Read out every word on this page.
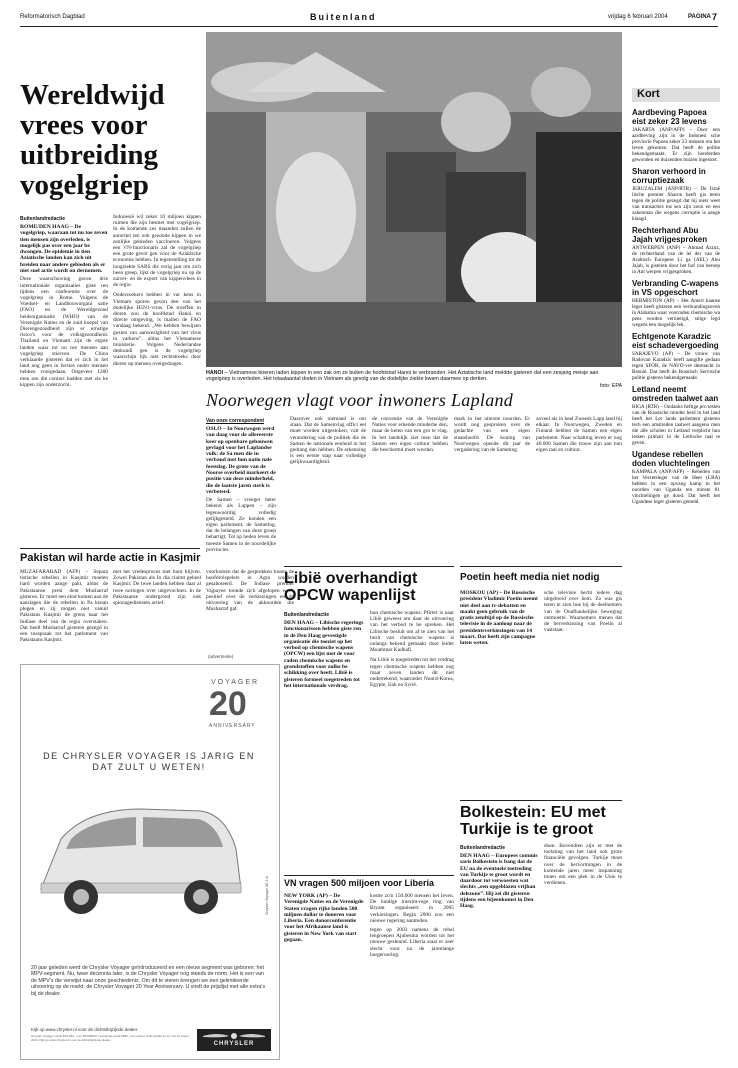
Reformatorisch Dagblad	Buitenland	vrijdag 6 februari 2004	PAGINA 7
Wereldwijd vrees voor uitbreiding vogelgriep
Buitenlandredactie
ROME/DEN HAAG – De vogelgriep, waaraan tot nu toe zeven tien mensen zijn overleden, is mogelijk pas over een jaar be dwongen. De epidemie in tien Aziatische landen kan zich uit breiden naar andere gebieden als er niet snel actie wordt on dernomen.
Deze waarschuwing gaven drie internationale organisaties giste ren tijdens een conferentie over de vogelgriep in Rome. Volgens de Voedsel- en Landbouworgani satie (FAO) en de Wereldgezond heidsorganisatie (WHO) van de Verenigde Naties en de zuid koepel van Dierengezondheid zijn er ernstige risico's voor de volksgezondheid. Thailand en Vietnam zijn de ergste landen waar tot nu toe mensen aan vogelgriep stierven. De China verklaarde gisteren dat er zich in het land nog geen in fecties onder mensen hebben voorgedaan. Ongeveer 1300 men sen die contact hadden met zie ke kippen zijn onderzocht.
Indonesië wil zeker 10 miljoen kippen ruimen die zijn besmet met vogelgriep. In de komende zes maanden zullen de autoritei ten ook gezonde kippen in we zenlijke gebieden vaccineren. Volgens een VN-functionaris zal de vogelgriep een grote gevol gen voor de Aziatische economie hebben. In tegenstelling tot de longziekte SARS die vorig jaar om zich heen greep, lijkt de vogelgriep nu op de zuivel- en de export van kippenvlees in de regio.
Onderzoekers hebben in var kens in Vietnam sporen gevon den van het dodelijke H5N1-virus. De troeffen in dieren zou de hoofdstad Hanoi en directe omgeving, is mailen de FAO vandaag bekend. „We hebben bewijzen gezien van aanwezigheid van het virus in varkens”, aldus het Vietnamese ministerie. Volgens Nederlandse deskundi gen is de vogelgriep waarschijn lijk niet rechtstreeks door dieren op mensen overgedragen.
HANOI – Vietnamese boeren laden kippen in een zak om ze buiten de hoofdstad Hanoi te verbranden. Het Aziatische land meldde gisteren dat een zesjarig meisje aan vogelgriep is overleden. Het totaalaantal doden in Vietnam als gevolg van de dodelijke ziekte kwam daarmee op dertien.
foto: EPA
Pakistan wil harde actie in Kasjmir
MUZAFARABAD (AFP) – Separa tistische rebellen in Kasjmir moeten hard worden aange pakt, aldus de Pakistaanse presi dent Musharraf gisteren. Er moet een eind komen aan de aanslagen die de rebellen in Pa kistan plegen en zij mogen niet vanuit Pakistans Kasjmir de grens naar het Indiase deel van de regio overstaken. Dat heeft Musharraf gisteren gezegd in een toespraak tot het parlement van Pakistaans Kasjmir.
met het vredesproces niet hunt blijven. Zowel Pakistan als In dia claimt geheel Kasjmir. De twee landen hebben daar al twee oorlogen over uitgevochten. In de Pakistaanse ondergrond zijn ook spionagediensten actief.
voorkomen dat de gesprekken tussen de hoofdrolspelers in Agra worden gesaboteerd. De Indiase premier Vajpayee toonde zich afgelopen week positief over de verkiezingen en de uitvoering van de akkoorden die Musharraf gaf.
Noorwegen vlagt voor inwoners Lapland
Van onze correspondent
OSLO – In Noorwegen werd van daag voor de allereerste keer op openbare gebouwen gevlagd voor het Laplandse volk: de Sa men die in verband met hun natio nale feestdag. De grote van de Noorse overheid markeert de positie van deze minderheid, die de laatste jaren sterk is verbeterd.
De Samen – vroeger beter bekend als Lappen – zijn tegenwoordig volledig gelijkgesteld. Ze konden een eigen parlement, de Sameting, dat de belangen van deze groep behartigt. Tot op heden leven de meeste Samen in de noordelijke provincies.
Daarover ook niemand is ont staan. Dat de Samenvlag offici eel moet worden uitgestoken, valt de verandering van de politiek die de Samen de nationale eenheid in het gedrang dan hebben. De erkenning is een eerste stap naar volledige gelijkwaardigheid.
de conventie van de Verenigde Naties voor erkende minderhe den, maar de keten van een gro te vlag. In het landelijk ziet men dat de Samen een eigen cultuur hebben die beschermd moet worden.
mark in het uiterste noorden. Er wordt nog gesproken over de gedachte van een eigen staatshoofd. De koning van Noorwegen opende dit jaar de vergadering van de Sameting.
zoveel als in heel Zweeds Lapp land bij elkaar. In Noorwegen, Zweden en Finland hebben de Samen een eigen parlement. Naar schatting leven er nog 40.000 Samen die trouw zijn aan hun eigen taal en cultuur.
Libië overhandigt OPCW wapenlijst
Buitenlandredactie
DEN HAAG – Libische regerings functionarissen hebben giste ren in de Den Haag gevestigde organisatie die toeziet op het verbod op chemische wapens (OPCW) een lijst met de voor raden chemische wapens en grondstoffen voor zulke be schikking over heeft. Libië is gisteren formeel toegetreden tot het internationale verdrag.
hun chemische wapens. Pfirter is naar Libië geweest om daar de uitvoering van het verbod te be spreken. Het Libische besluit om af te zien van het bezit van chemische wapens is onlangs bekend gemaakt door leider Moammar Kadhafi.
Na Libië is toegetreden tot het verdrag tegen chemische wapens hebben nog maar zeven landen dit niet ondertekend, waaronder Noord-Korea, Egypte, Irak en Syrië.
VN vragen 500 miljoen voor Liberia
NEW YORK (AP) – De Verenigde Naties en de Verenigde Staten vragen rijke landen 500 miljoen dollar te doneren voor Liberia. Een donorconferentie voor het Afrikaanse land is gisteren in New York van start gegaan.
kostte zo'n 150.000 mensen het leven. De huidige interim-rege ring van Bryant organiseert in 2005 verkiezingen. Begin 2006 zou een nieuwe regering aantreden.
tegen op 2003 namens de rebel lengroepen Ajubesina worden tot het nieuwe gesteund. Liberia staat er zeer slecht voor na de jarenlange burgeroorlog.
Poetin heeft media niet nodig
MOSKOU (AP) – De Russische president Vladimir Poetin neemt niet deel aan tv-debatten en maakt geen gebruik van de gratis zendtijd op de Russische televisie in de aanloop naar de presidentsverkiezingen van 14 maart. Dat heeft zijn campagne laten weten.
sche televisie hecht iedere dag uitgebreid over hem. Zo was gis teren te zien hoe hij de deelnemers van de Onafhankelijke beweging ontmoette. Waarnemers menen dat de herverkiezing van Poetin al vaststaat.
Bolkestein: EU met Turkije is te groot
Buitenlandredactie
DEN HAAG – Europees commis saris Bolkestein is bang dat de EU na de eventuele toetreding van Turkije te groot wordt en daardoor tot verwoesten wat slechts „een opgeblazen vrijhan delszone”. Hij zei dit gisteren tijdens een bijeenkomst in Den Haag.
doen. Bovendien zijn er met de toelating van het land ook grote financiële gevolgen. Turkije moet over de hervormingen in de komende jaren meer inspanning tonen om een plek in de Unie te verdienen.
(advertentie)
VOYAGER
20
ANNIVERSARY
DE CHRYSLER VOYAGER IS JARIG EN DAT ZULT U WETEN!
Chrysler Voyager SE 2.4i
20 jaar geleden werd de Chrysler Voyager geïntroduceerd en een nieuw segment was geboren: het MPV-segment. Nu, twee decennia later, is de Chrysler Voyager nog steeds de norm. Het is een van de MPV's die verwijst naar onze geschiedenis. Om dit te vieren brengen we een gelimiteerde uitvoering op de markt: de Chrysler Voyager 20 Year Anniversary. U vindt de prijslijst met alle extra's bij de dealer.
Kijk op www.chrysler.nl voor de dichtstbijzijnde dealer.
Chrysler Voyager vanaf €29.950,- incl. BTW/BPM. Leaseprijs vanaf €599,- per maand. Actie geldig tot en met 31 maart 2004. Kijk op www.chrysler.nl voor de dichtstbijzijnde dealer.
CHRYSLER
Kort
Aardbeving Papoea eist zeker 23 levens
JAKARTA (ANP/AFP) – Door een aardbeving zijn in de Indonesi sche provincie Papoea zeker 23 mensen om het leven gekomen. Dat heeft de politie bekendgemaakt. Er zijn honderden gewonden en duizenden huizen ingestort.
Sharon verhoord in corruptiezaak
JERUZALEM (ANP/RTR) – De Israë lische premier Sharon heeft gis teren tegen de politie gezegd dat hij niets weet van transacties tus sen zijn zoon en een zakenman die wegens corruptie is aange klaagd.
Rechterhand Abu Jajah vrijgesproken
ANTWERPEN (ANP) – Ahmad Azzuz, de rechterhand van de lei der van de Arabisch Europese Li ga (AEL) Abu Jajah, is gisteren door het hof van beroep in Ant werpen vrijgesproken.
Verbranding C-wapens in VS opgeschort
HERMISTON (AP) – Het Ameri kaanse leger heeft gisteren een verbrandingsoven in Alabama waar voorraden chemische wa pens worden vernietigd, stilge legd wegens een mogelijk lek.
Echtgenote Karadzic eist schadevergoeding
SARAJEVO (AP) – De vrouw van Radovan Karadzic heeft aangifte gedaan tegen SFOR, de NAVO-vre desmacht in Bosnië. Dat heeft de Bosnisch Servische politie gisteren bekendgemaakt.
Letland neemt omstreden taalwet aan
RIGA (RTR) – Ondanks heftige pro testen van de Russische minder heid in het land heeft het Let lands parlement gisteren tech een omstreden taalwet aangeno men die alle scholen in Letland verplicht hun lessen primair in de Lettische taal te geven.
Ugandese rebellen doden vluchtelingen
KAMPALA (ANP/AFP) – Rebellen van het Verzetsleger van de Heer (LRA) hebben in een opvang kamp in het noorden van Uganda ten minste 81 vluchtelingen ge dood. Dat heeft het Ugandese leger gisteren gemeld.
